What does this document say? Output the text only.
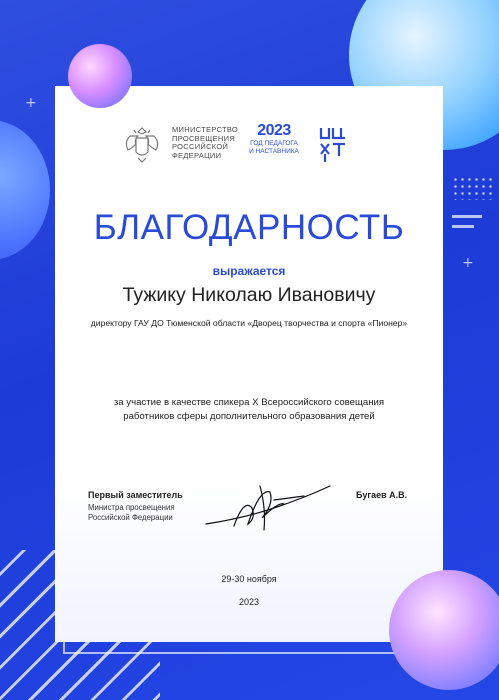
+
+
МИНИСТЕРСТВО
ПРОСВЕЩЕНИЯ
РОССИЙСКОЙ
ФЕДЕРАЦИИ
2023
ГОД ПЕДАГОГА
И НАСТАВНИКА
БЛАГОДАРНОСТЬ
выражается
Тужику Николаю Ивановичу
директору ГАУ ДО Тюменской области «Дворец творчества и спорта «Пионер»
за участие в качестве спикера X Всероссийского совещания
работников сферы дополнительного образования детей
Первый заместитель
Министра просвещения
Российской Федерации
Бугаев А.В.
29-30 ноября
2023
